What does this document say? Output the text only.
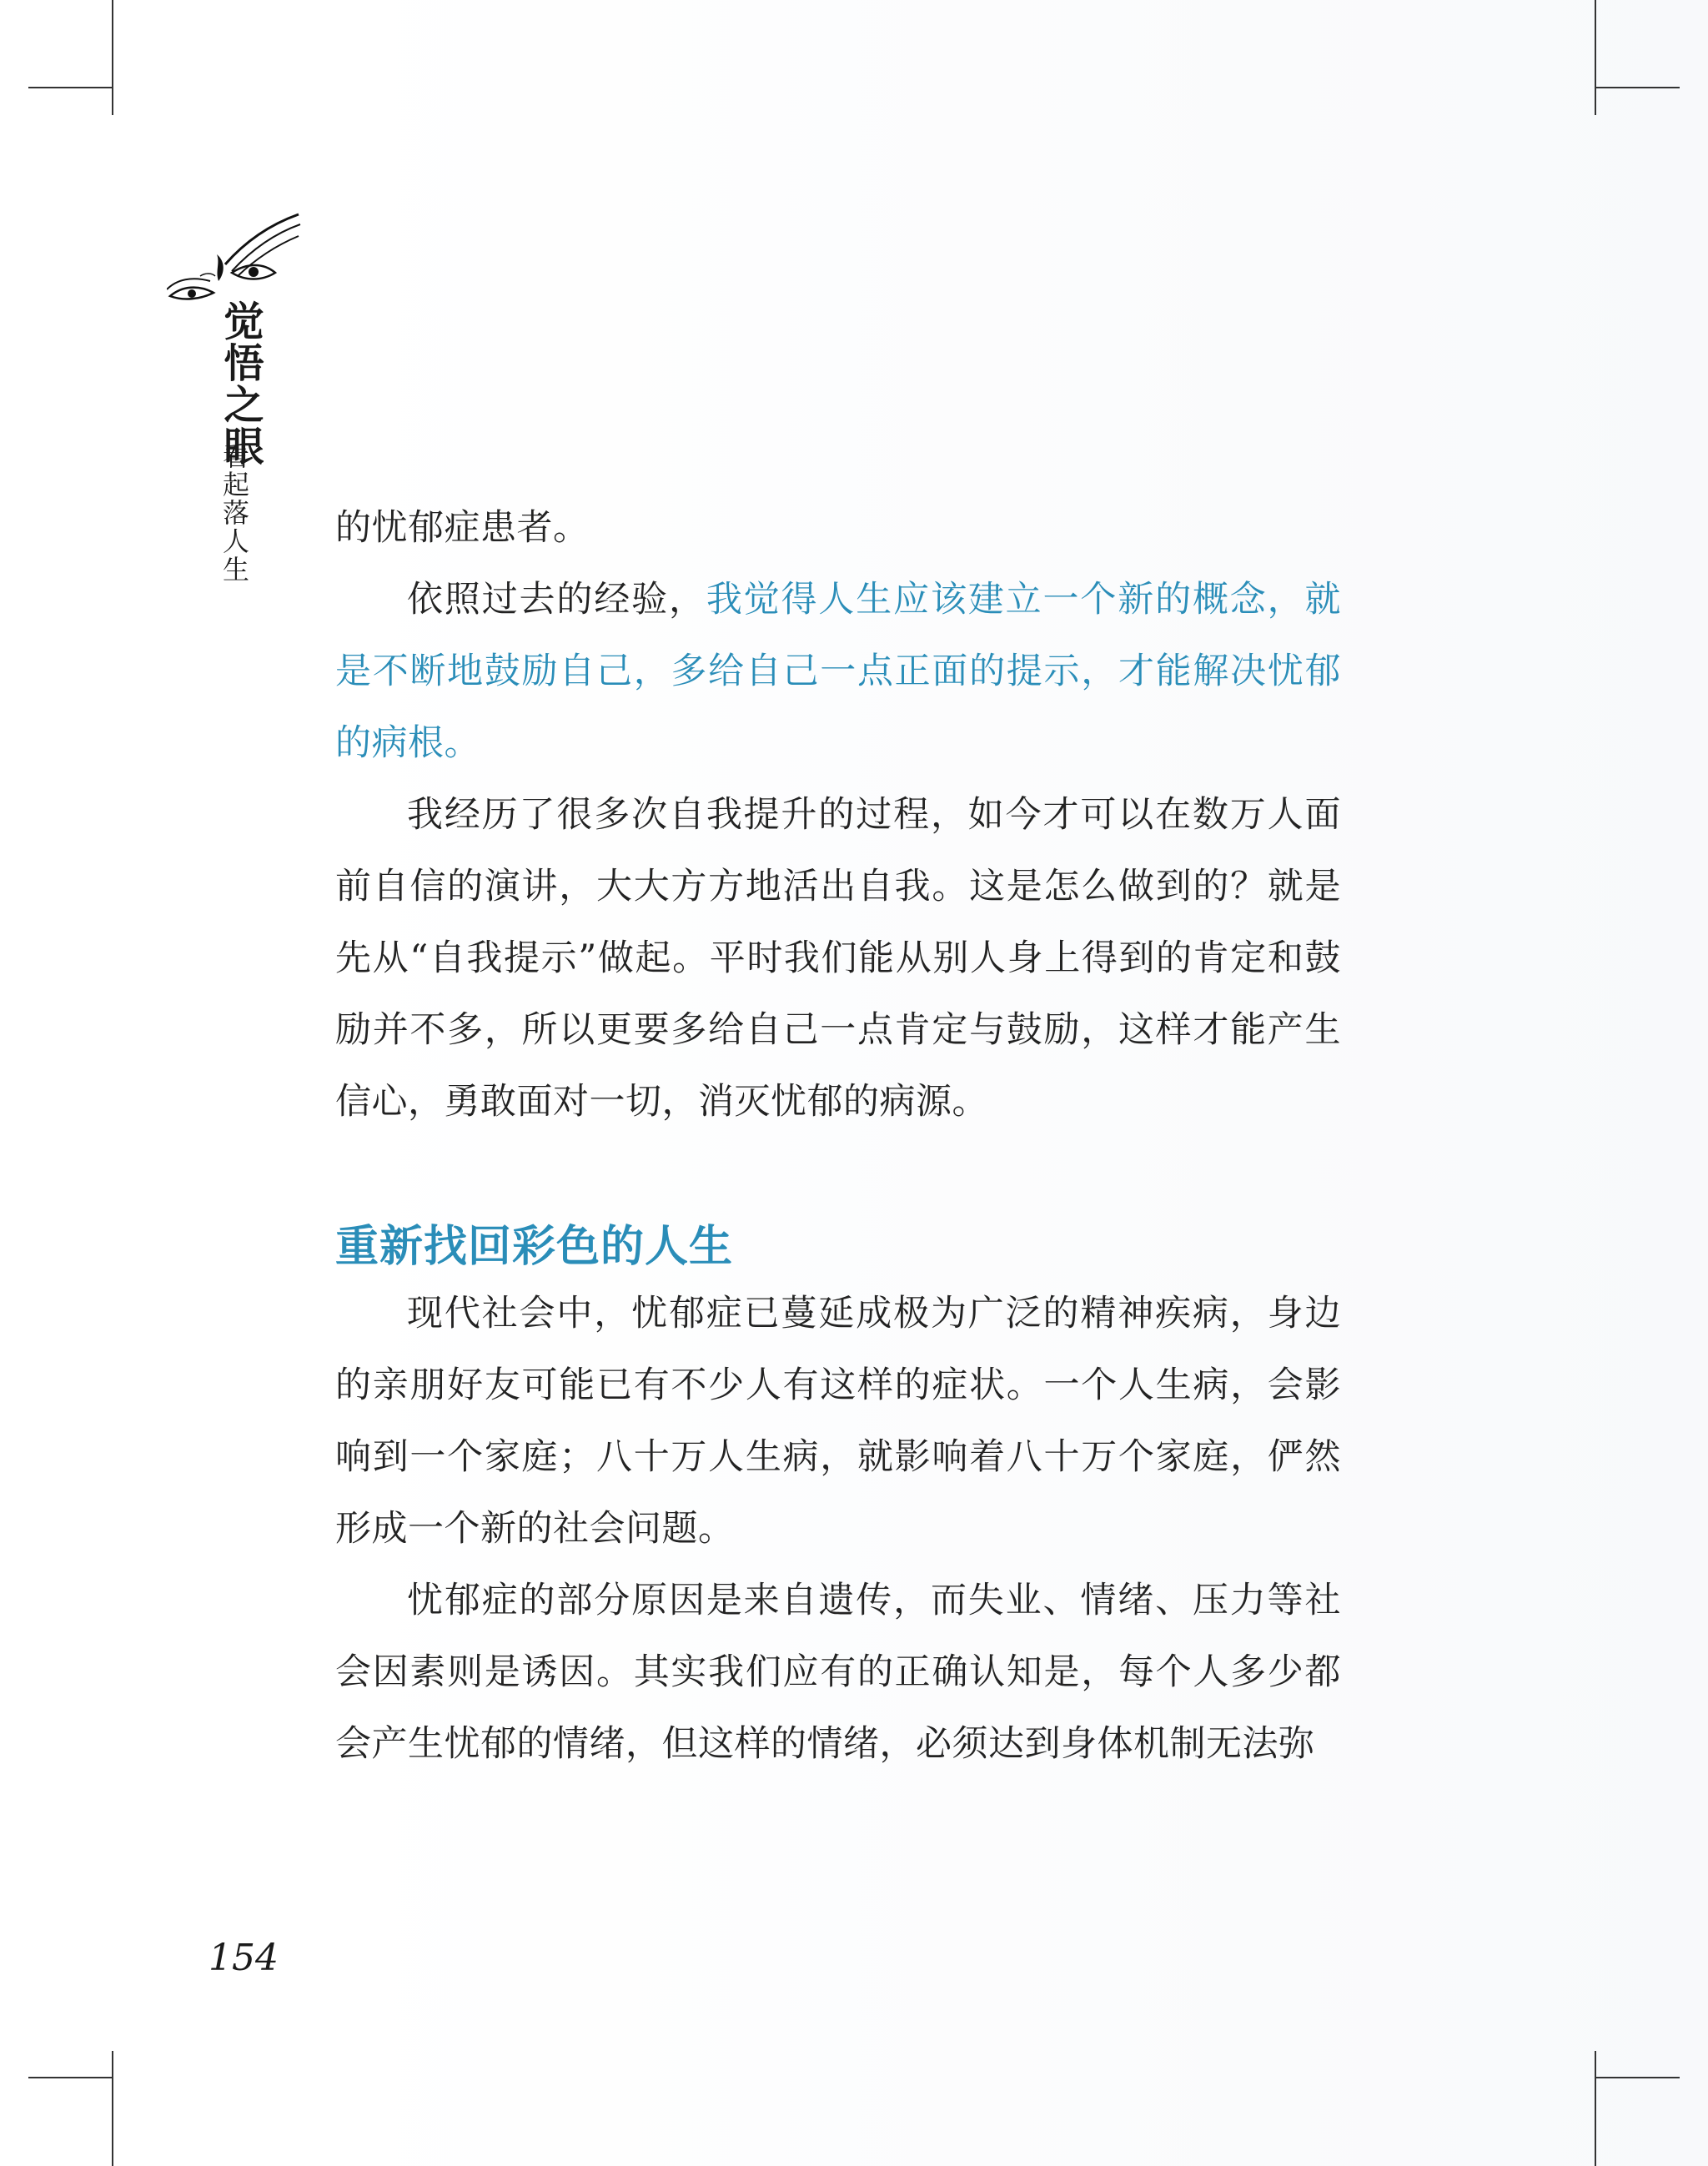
觉悟之眼
看起落人生 的忧郁症患者。

依照过去的经验，我觉得人生应该建立一个新的概念，就是不断地鼓励自己，多给自己一点正面的提示，才能解决忧郁的病根。

我经历了很多次自我提升的过程，如今才可以在数万人面前自信的演讲，大大方方地活出自我。这是怎么做到的？就是先从“自我提示”做起。平时我们能从别人身上得到的肯定和鼓励并不多，所以更要多给自己一点肯定与鼓励，这样才能产生信心，勇敢面对一切，消灭忧郁的病源。

重新找回彩色的人生

现代社会中，忧郁症已蔓延成极为广泛的精神疾病，身边的亲朋好友可能已有不少人有这样的症状。一个人生病，会影响到一个家庭；八十万人生病，就影响着八十万个家庭，俨然形成一个新的社会问题。

忧郁症的部分原因是来自遗传，而失业、情绪、压力等社会因素则是诱因。其实我们应有的正确认知是，每个人多少都会产生忧郁的情绪，但这样的情绪，必须达到身体机制无法弥

154
